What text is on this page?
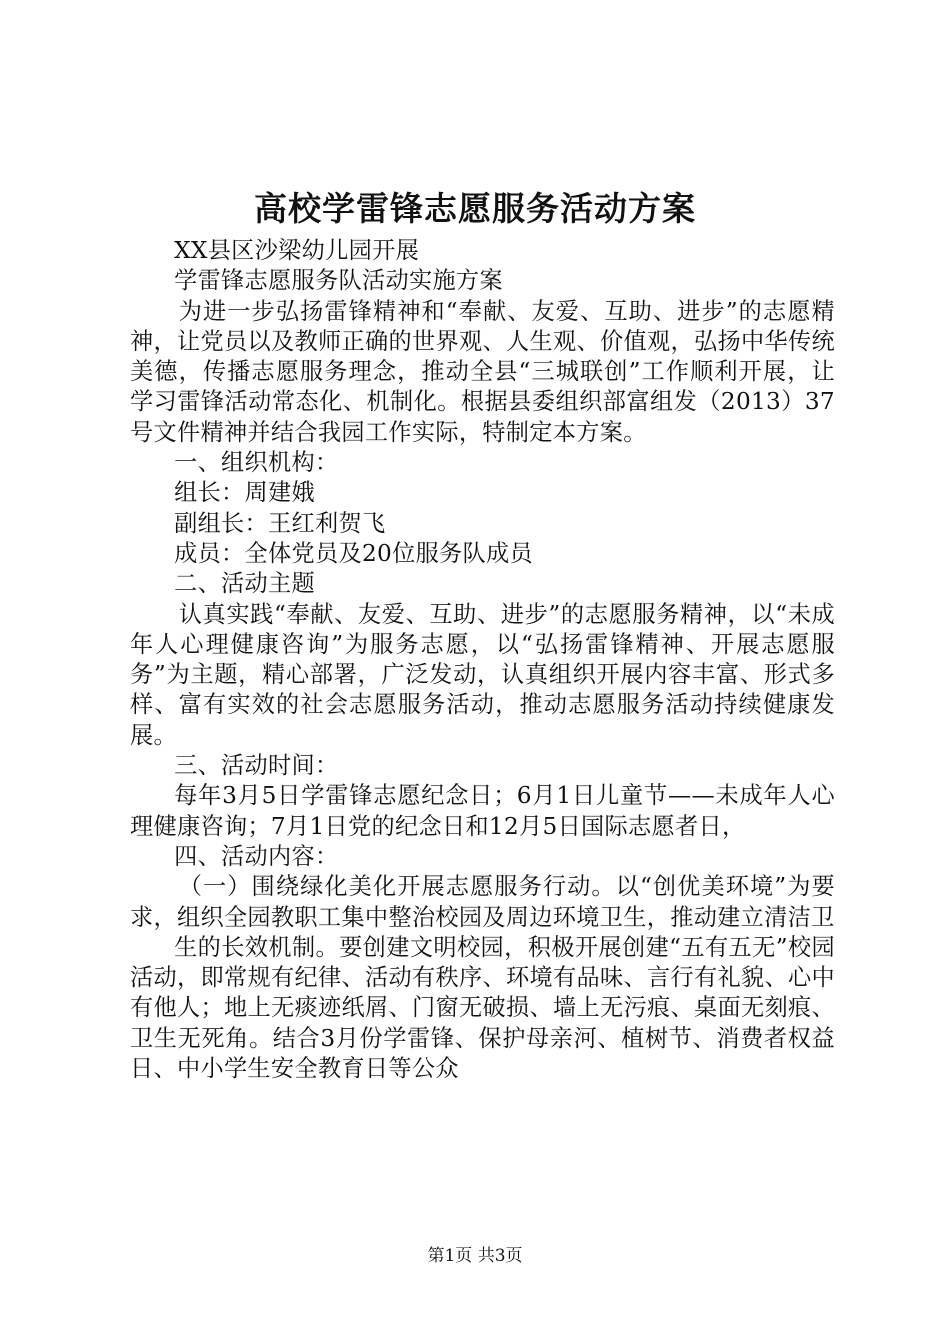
高校学雷锋志愿服务活动方案

XX县区沙梁幼儿园开展

学雷锋志愿服务队活动实施方案

为进一步弘扬雷锋精神和“奉献、友爱、互助、进步”的志愿精神，让党员以及教师正确的世界观、人生观、价值观，弘扬中华传统美德，传播志愿服务理念，推动全县“三城联创”工作顺利开展，让学习雷锋活动常态化、机制化。根据县委组织部富组发（2013）37号文件精神并结合我园工作实际，特制定本方案。

一、组织机构：

组长：周建娥

副组长：王红利贺飞

成员：全体党员及20位服务队成员

二、活动主题

认真实践“奉献、友爱、互助、进步”的志愿服务精神，以“未成年人心理健康咨询”为服务志愿，以“弘扬雷锋精神、开展志愿服务”为主题，精心部署，广泛发动，认真组织开展内容丰富、形式多样、富有实效的社会志愿服务活动，推动志愿服务活动持续健康发展。

三、活动时间：

每年3月5日学雷锋志愿纪念日；6月1日儿童节——未成年人心理健康咨询；7月1日党的纪念日和12月5日国际志愿者日，

四、活动内容：

（一）围绕绿化美化开展志愿服务行动。以“创优美环境”为要求，组织全园教职工集中整治校园及周边环境卫生，推动建立清洁卫

生的长效机制。要创建文明校园，积极开展创建“五有五无”校园活动，即常规有纪律、活动有秩序、环境有品味、言行有礼貌、心中有他人；地上无痰迹纸屑、门窗无破损、墙上无污痕、桌面无刻痕、卫生无死角。结合3月份学雷锋、保护母亲河、植树节、消费者权益日、中小学生安全教育日等公众

第1页 共3页
